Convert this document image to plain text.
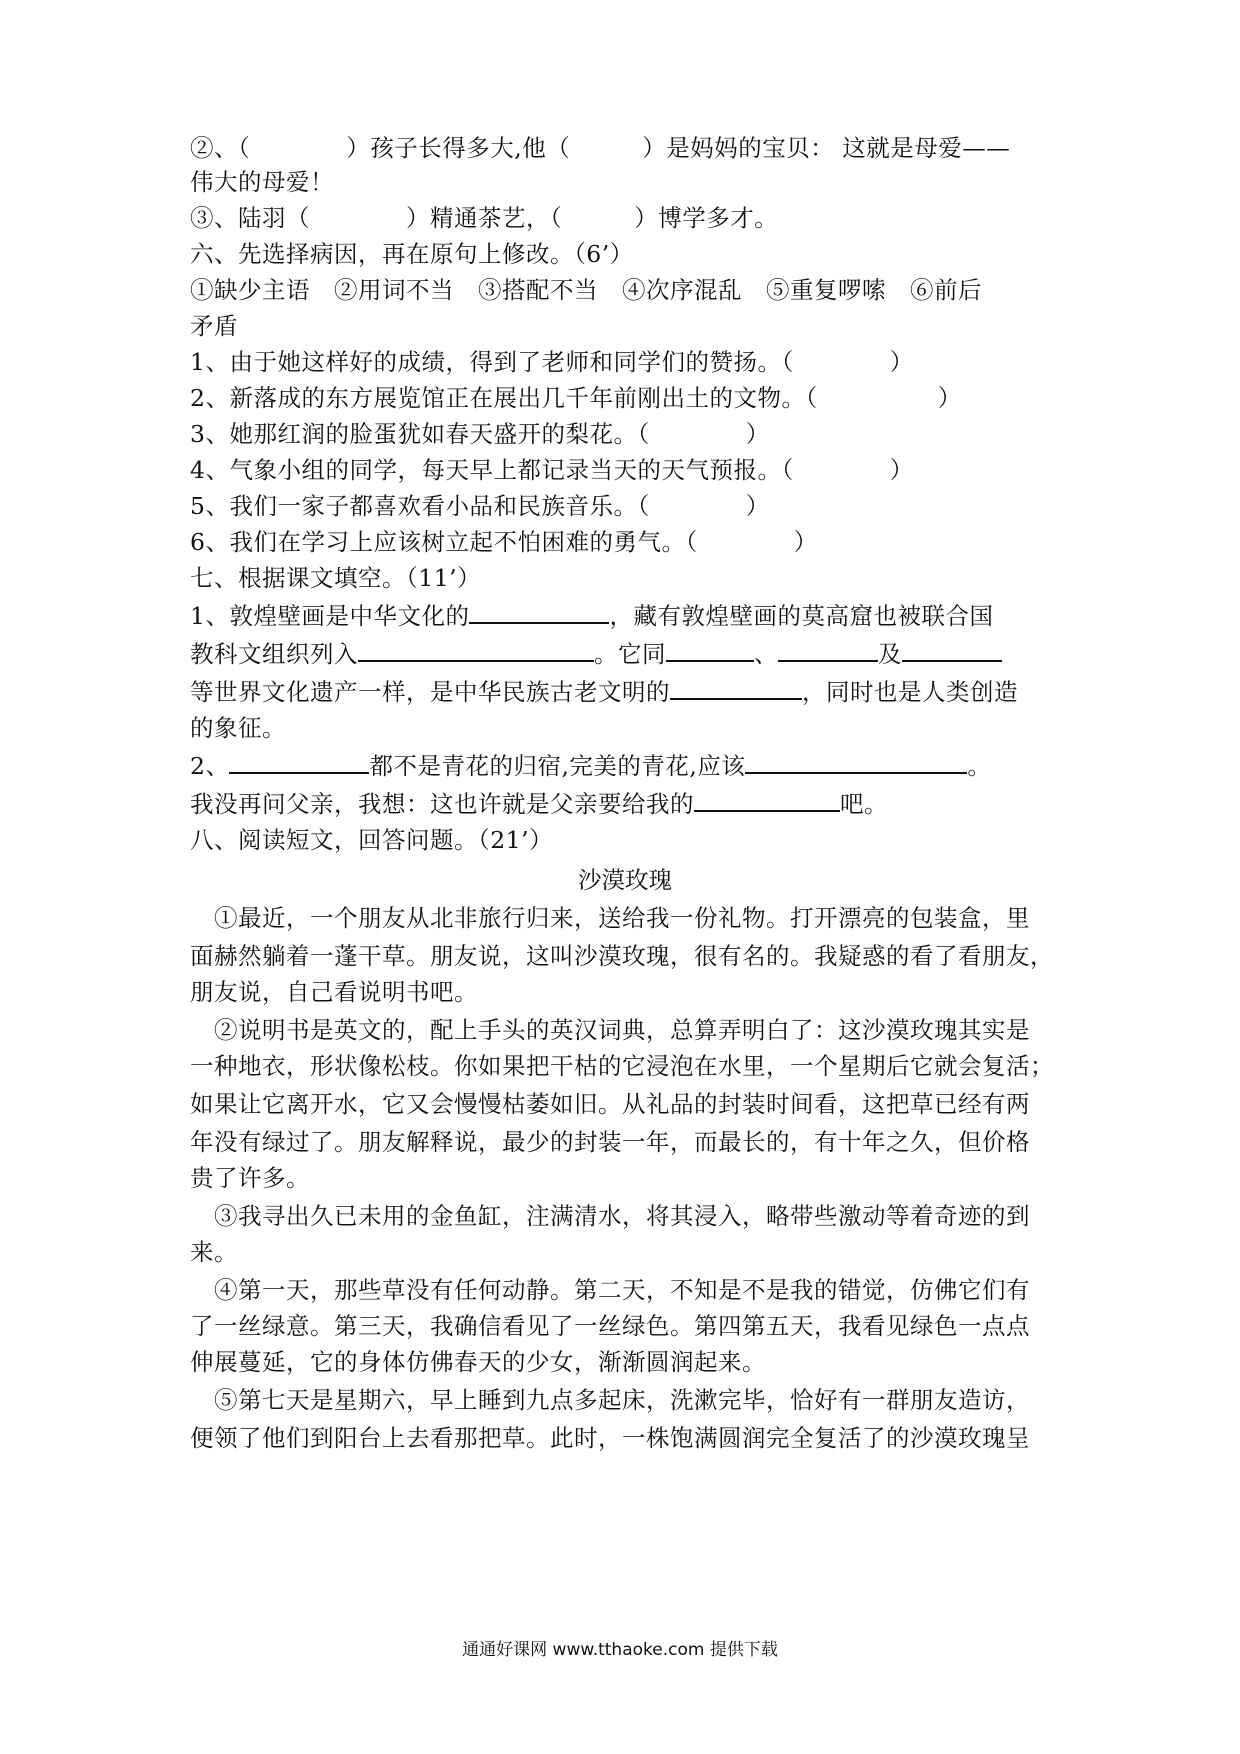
②、（　　　　）孩子长得多大,他（　　　）是妈妈的宝贝： 这就是母爱——
伟大的母爱！
③、陆羽（　　　　）精通茶艺，（　　　）博学多才。
六、先选择病因，再在原句上修改。（6’）
①缺少主语　②用词不当　③搭配不当　④次序混乱　⑤重复啰嗦　⑥前后
矛盾
1、由于她这样好的成绩，得到了老师和同学们的赞扬。（　　　　）
2、新落成的东方展览馆正在展出几千年前刚出土的文物。（　　　　　）
3、她那红润的脸蛋犹如春天盛开的梨花。（　　　　）
4、气象小组的同学，每天早上都记录当天的天气预报。（　　　　）
5、我们一家子都喜欢看小品和民族音乐。（　　　　）
6、我们在学习上应该树立起不怕困难的勇气。（　　　　）
七、根据课文填空。（11’）
1、敦煌壁画是中华文化的	，藏有敦煌壁画的莫高窟也被联合国
教科文组织列入	。它同	、	及
等世界文化遗产一样，是中华民族古老文明的	，同时也是人类创造
的象征。
2、	都不是青花的归宿,完美的青花,应该	。
我没再问父亲，我想：这也许就是父亲要给我的	吧。
八、阅读短文，回答问题。（21’）
沙漠玫瑰
　①最近，一个朋友从北非旅行归来，送给我一份礼物。打开漂亮的包装盒，里
面赫然躺着一蓬干草。朋友说，这叫沙漠玫瑰，很有名的。我疑惑的看了看朋友，
朋友说，自己看说明书吧。
　②说明书是英文的，配上手头的英汉词典，总算弄明白了：这沙漠玫瑰其实是
一种地衣，形状像松枝。你如果把干枯的它浸泡在水里，一个星期后它就会复活；
如果让它离开水，它又会慢慢枯萎如旧。从礼品的封装时间看，这把草已经有两
年没有绿过了。朋友解释说，最少的封装一年，而最长的，有十年之久，但价格
贵了许多。
　③我寻出久已未用的金鱼缸，注满清水，将其浸入，略带些激动等着奇迹的到
来。
　④第一天，那些草没有任何动静。第二天，不知是不是我的错觉，仿佛它们有
了一丝绿意。第三天，我确信看见了一丝绿色。第四第五天，我看见绿色一点点
伸展蔓延，它的身体仿佛春天的少女，渐渐圆润起来。
　⑤第七天是星期六，早上睡到九点多起床，洗漱完毕，恰好有一群朋友造访，
便领了他们到阳台上去看那把草。此时，一株饱满圆润完全复活了的沙漠玫瑰呈
通通好课网 www.tthaoke.com 提供下载
